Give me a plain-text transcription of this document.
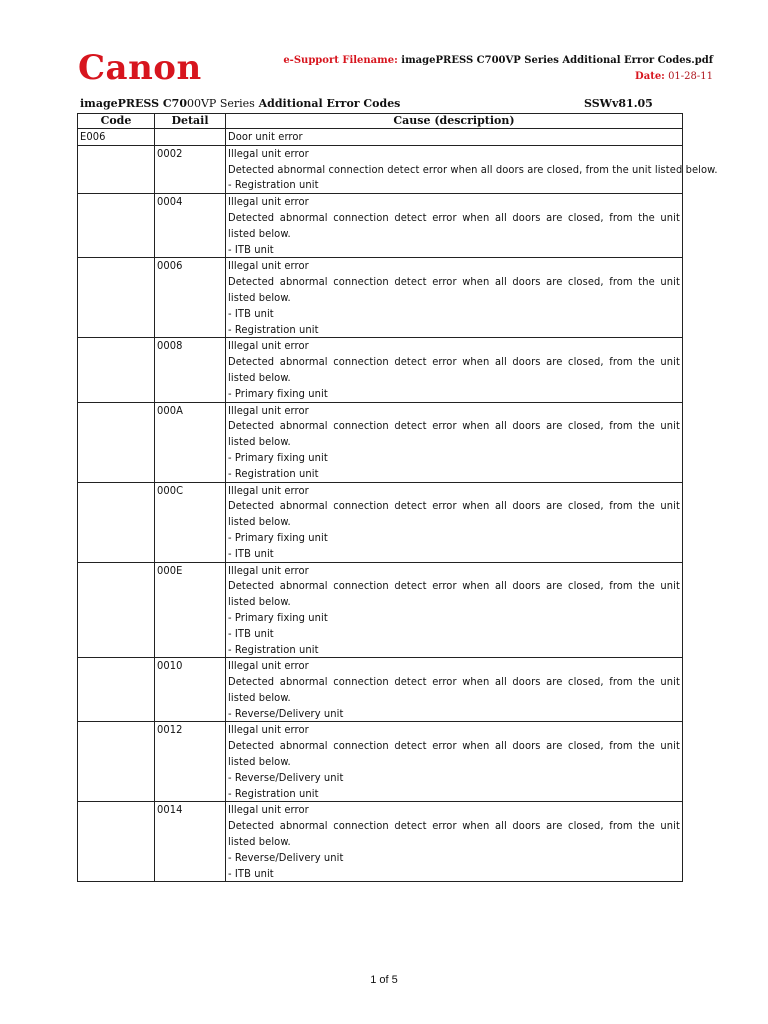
Canon	e-Support Filename: imagePRESS C700VP Series Additional Error Codes.pdf
Date: 01-28-11
imagePRESS C7000VP Series Additional Error Codes	SSWv81.05
Code	Detail	Cause (description)
E006		Door unit error
	0002	Illegal unit error
Detected abnormal connection detect error when all doors are closed, from the unit listed below.
- Registration unit

	0004	Illegal unit error
Detected abnormal connection detect error when all doors are closed, from the unit listed below.
- ITB unit

	0006	Illegal unit error
Detected abnormal connection detect error when all doors are closed, from the unit listed below.
- ITB unit
- Registration unit

	0008	Illegal unit error
Detected abnormal connection detect error when all doors are closed, from the unit listed below.
- Primary fixing unit

	000A	Illegal unit error
Detected abnormal connection detect error when all doors are closed, from the unit listed below.
- Primary fixing unit
- Registration unit

	000C	Illegal unit error
Detected abnormal connection detect error when all doors are closed, from the unit listed below.
- Primary fixing unit
- ITB unit

	000E	Illegal unit error
Detected abnormal connection detect error when all doors are closed, from the unit listed below.
- Primary fixing unit
- ITB unit
- Registration unit

	0010	Illegal unit error
Detected abnormal connection detect error when all doors are closed, from the unit listed below.
- Reverse/Delivery unit

	0012	Illegal unit error
Detected abnormal connection detect error when all doors are closed, from the unit listed below.
- Reverse/Delivery unit
- Registration unit

	0014	Illegal unit error
Detected abnormal connection detect error when all doors are closed, from the unit listed below.
- Reverse/Delivery unit
- ITB unit
1 of 5
